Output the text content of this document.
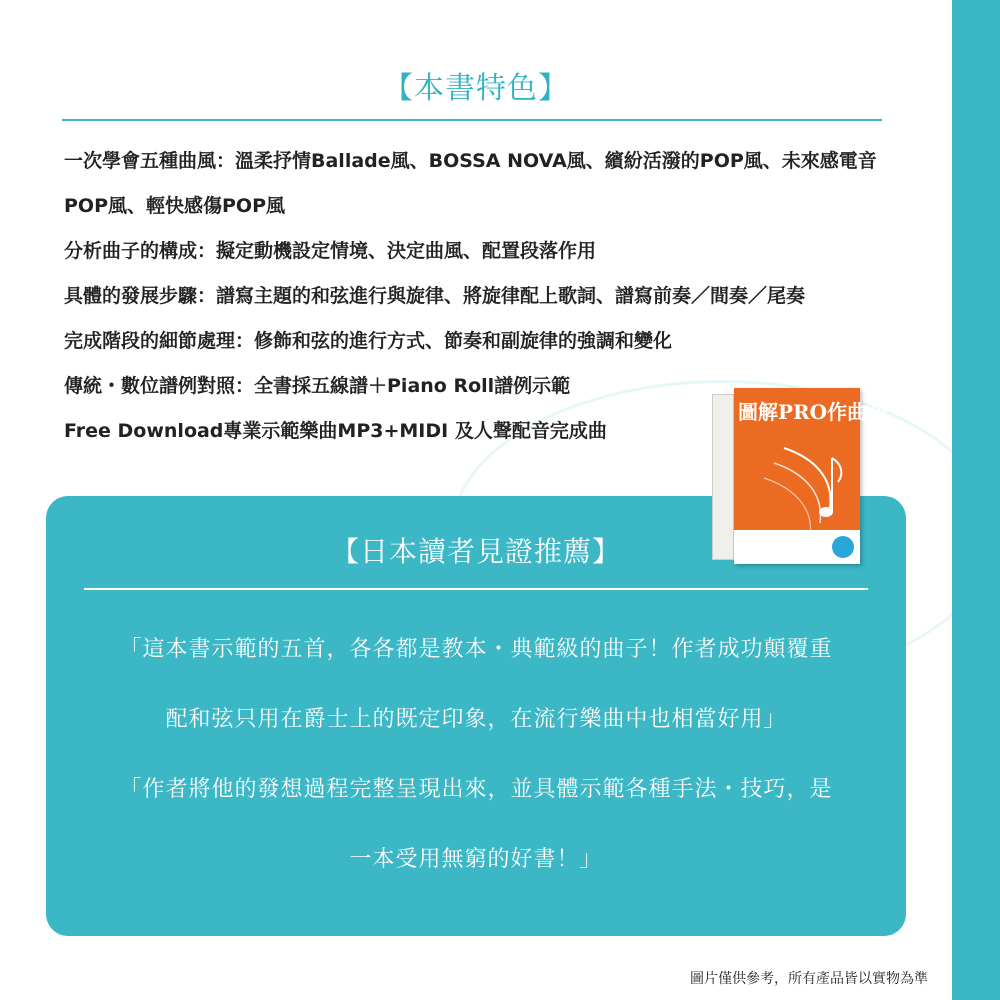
【本書特色】
一次學會五種曲風：溫柔抒情Ballade風、BOSSA NOVA風、繽紛活潑的POP風、未來感電音
POP風、輕快感傷POP風
分析曲子的構成：擬定動機設定情境、決定曲風、配置段落作用
具體的發展步驟：譜寫主題的和弦進行與旋律、將旋律配上歌詞、譜寫前奏／間奏／尾奏
完成階段的細節處理：修飾和弦的進行方式、節奏和副旋律的強調和變化
傳統・數位譜例對照：全書採五線譜＋Piano Roll譜例示範
Free Download專業示範樂曲MP3+MIDI 及人聲配音完成曲
【日本讀者見證推薦】

「這本書示範的五首，各各都是教本・典範級的曲子！作者成功顛覆重

配和弦只用在爵士上的既定印象，在流行樂曲中也相當好用」

「作者將他的發想過程完整呈現出來，並具體示範各種手法・技巧，是

一本受用無窮的好書！」

圖解PRO作曲法
圖片僅供參考，所有產品皆以實物為準
